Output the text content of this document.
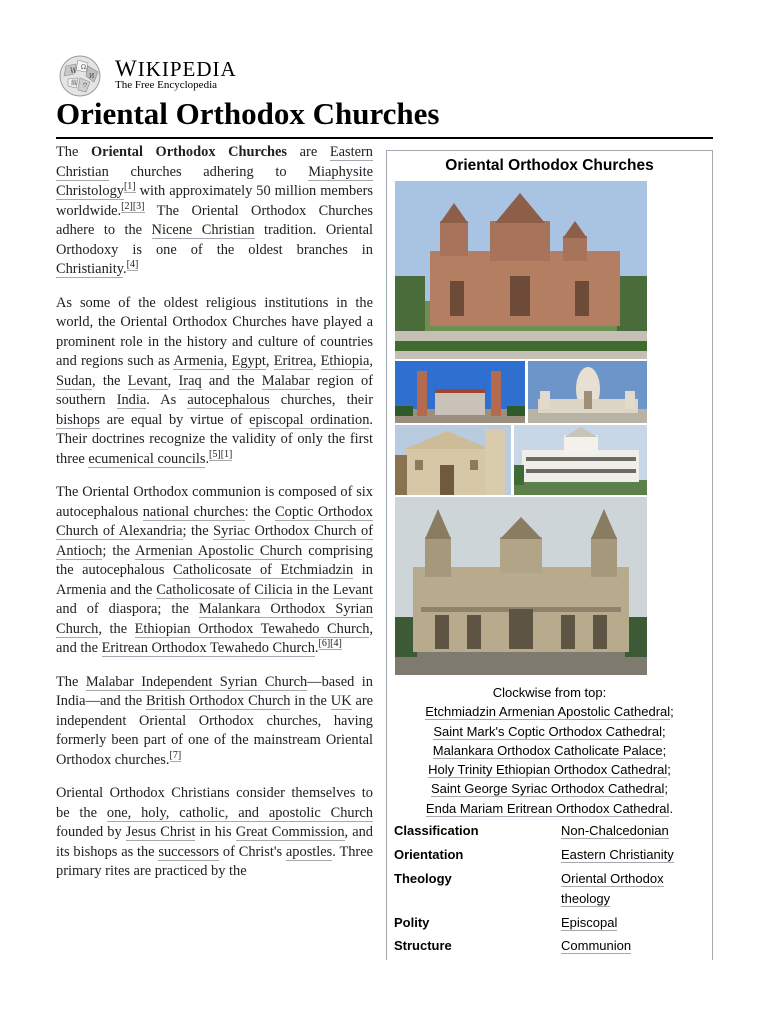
W Ω
И
維 ウ
WIKIPEDIA
The Free Encyclopedia
Oriental Orthodox Churches

The Oriental Orthodox Churches are Eastern Christian churches adhering to Miaphysite Christology[1] with approximately 50 million members worldwide.[2][3] The Oriental Orthodox Churches adhere to the Nicene Christian tradition. Oriental Orthodoxy is one of the oldest branches in Christianity.[4]

As some of the oldest religious institutions in the world, the Oriental Orthodox Churches have played a prominent role in the history and culture of countries and regions such as Armenia, Egypt, Eritrea, Ethiopia, Sudan, the Levant, Iraq and the Malabar region of southern India. As autocephalous churches, their bishops are equal by virtue of episcopal ordination. Their doctrines recognize the validity of only the first three ecumenical councils.[5][1]

The Oriental Orthodox communion is composed of six autocephalous national churches: the Coptic Orthodox Church of Alexandria; the Syriac Orthodox Church of Antioch; the Armenian Apostolic Church comprising the autocephalous Catholicosate of Etchmiadzin in Armenia and the Catholicosate of Cilicia in the Levant and of diaspora; the Malankara Orthodox Syrian Church, the Ethiopian Orthodox Tewahedo Church, and the Eritrean Orthodox Tewahedo Church.[6][4]

The Malabar Independent Syrian Church—based in India—and the British Orthodox Church in the UK are independent Oriental Orthodox churches, having formerly been part of one of the mainstream Oriental Orthodox churches.[7]

Oriental Orthodox Christians consider themselves to be the one, holy, catholic, and apostolic Church founded by Jesus Christ in his Great Commission, and its bishops as the successors of Christ's apostles. Three primary rites are practiced by the

Oriental Orthodox Churches
Clockwise from top:
Etchmiadzin Armenian Apostolic Cathedral;
Saint Mark's Coptic Orthodox Cathedral;
Malankara Orthodox Catholicate Palace;
Holy Trinity Ethiopian Orthodox Cathedral;
Saint George Syriac Orthodox Cathedral;
Enda Mariam Eritrean Orthodox Cathedral.
Classification	Non-Chalcedonian
Orientation	Eastern Christianity
Theology	Oriental Orthodox theology
Polity	Episcopal
Structure	Communion
